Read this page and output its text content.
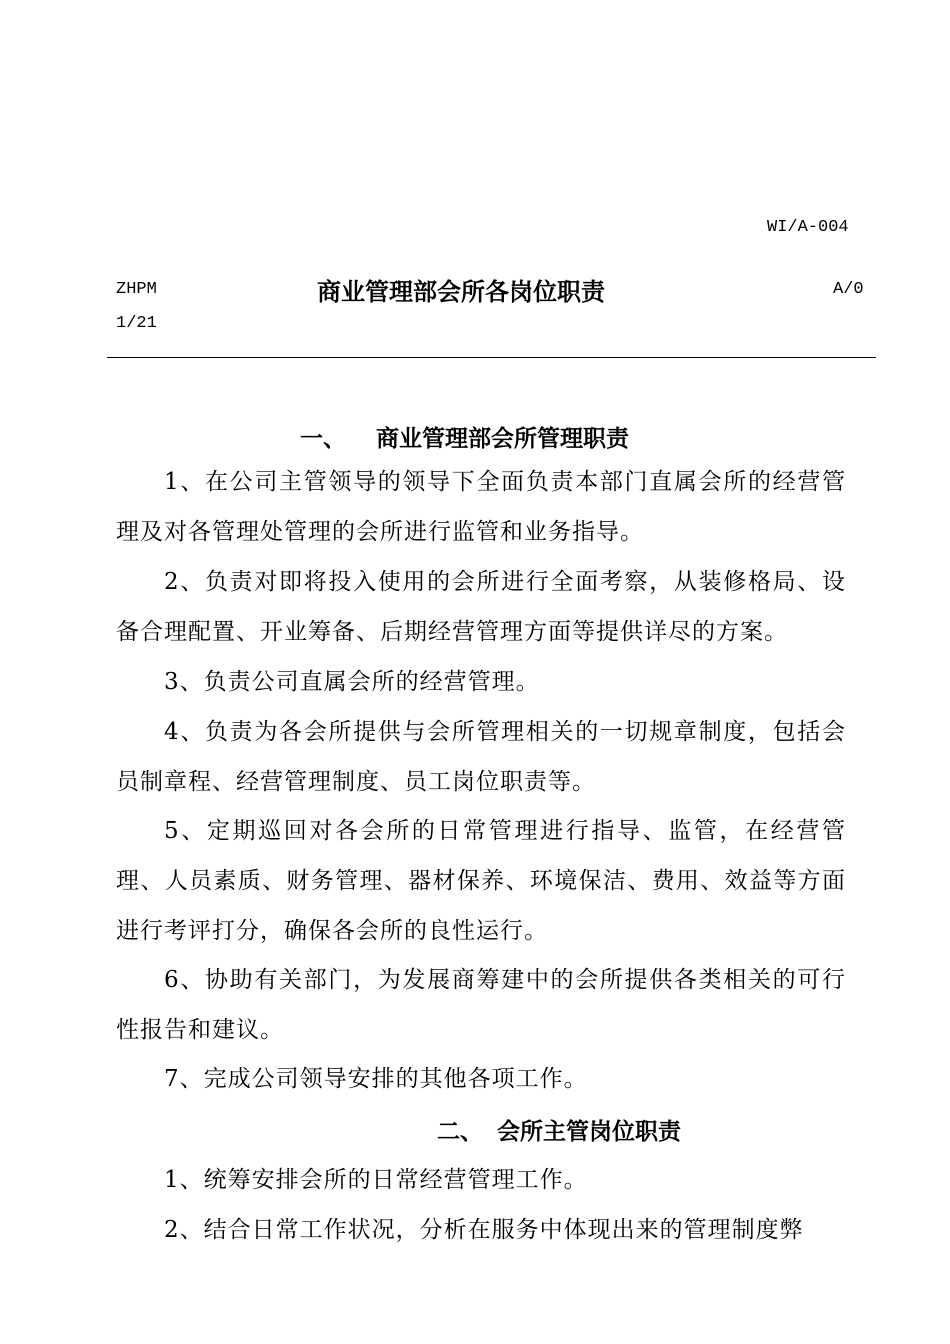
WI/A-004
ZHPM	商业管理部会所各岗位职责	A/0
1/21
一、 商业管理部会所管理职责

1、在公司主管领导的领导下全面负责本部门直属会所的经营管理及对各管理处管理的会所进行监管和业务指导。

2、负责对即将投入使用的会所进行全面考察，从装修格局、设备合理配置、开业筹备、后期经营管理方面等提供详尽的方案。

3、负责公司直属会所的经营管理。

4、负责为各会所提供与会所管理相关的一切规章制度，包括会员制章程、经营管理制度、员工岗位职责等。

5、定期巡回对各会所的日常管理进行指导、监管，在经营管理、人员素质、财务管理、器材保养、环境保洁、费用、效益等方面进行考评打分，确保各会所的良性运行。

6、协助有关部门，为发展商筹建中的会所提供各类相关的可行性报告和建议。

7、完成公司领导安排的其他各项工作。

二、 会所主管岗位职责

1、统筹安排会所的日常经营管理工作。

2、结合日常工作状况，分析在服务中体现出来的管理制度弊
